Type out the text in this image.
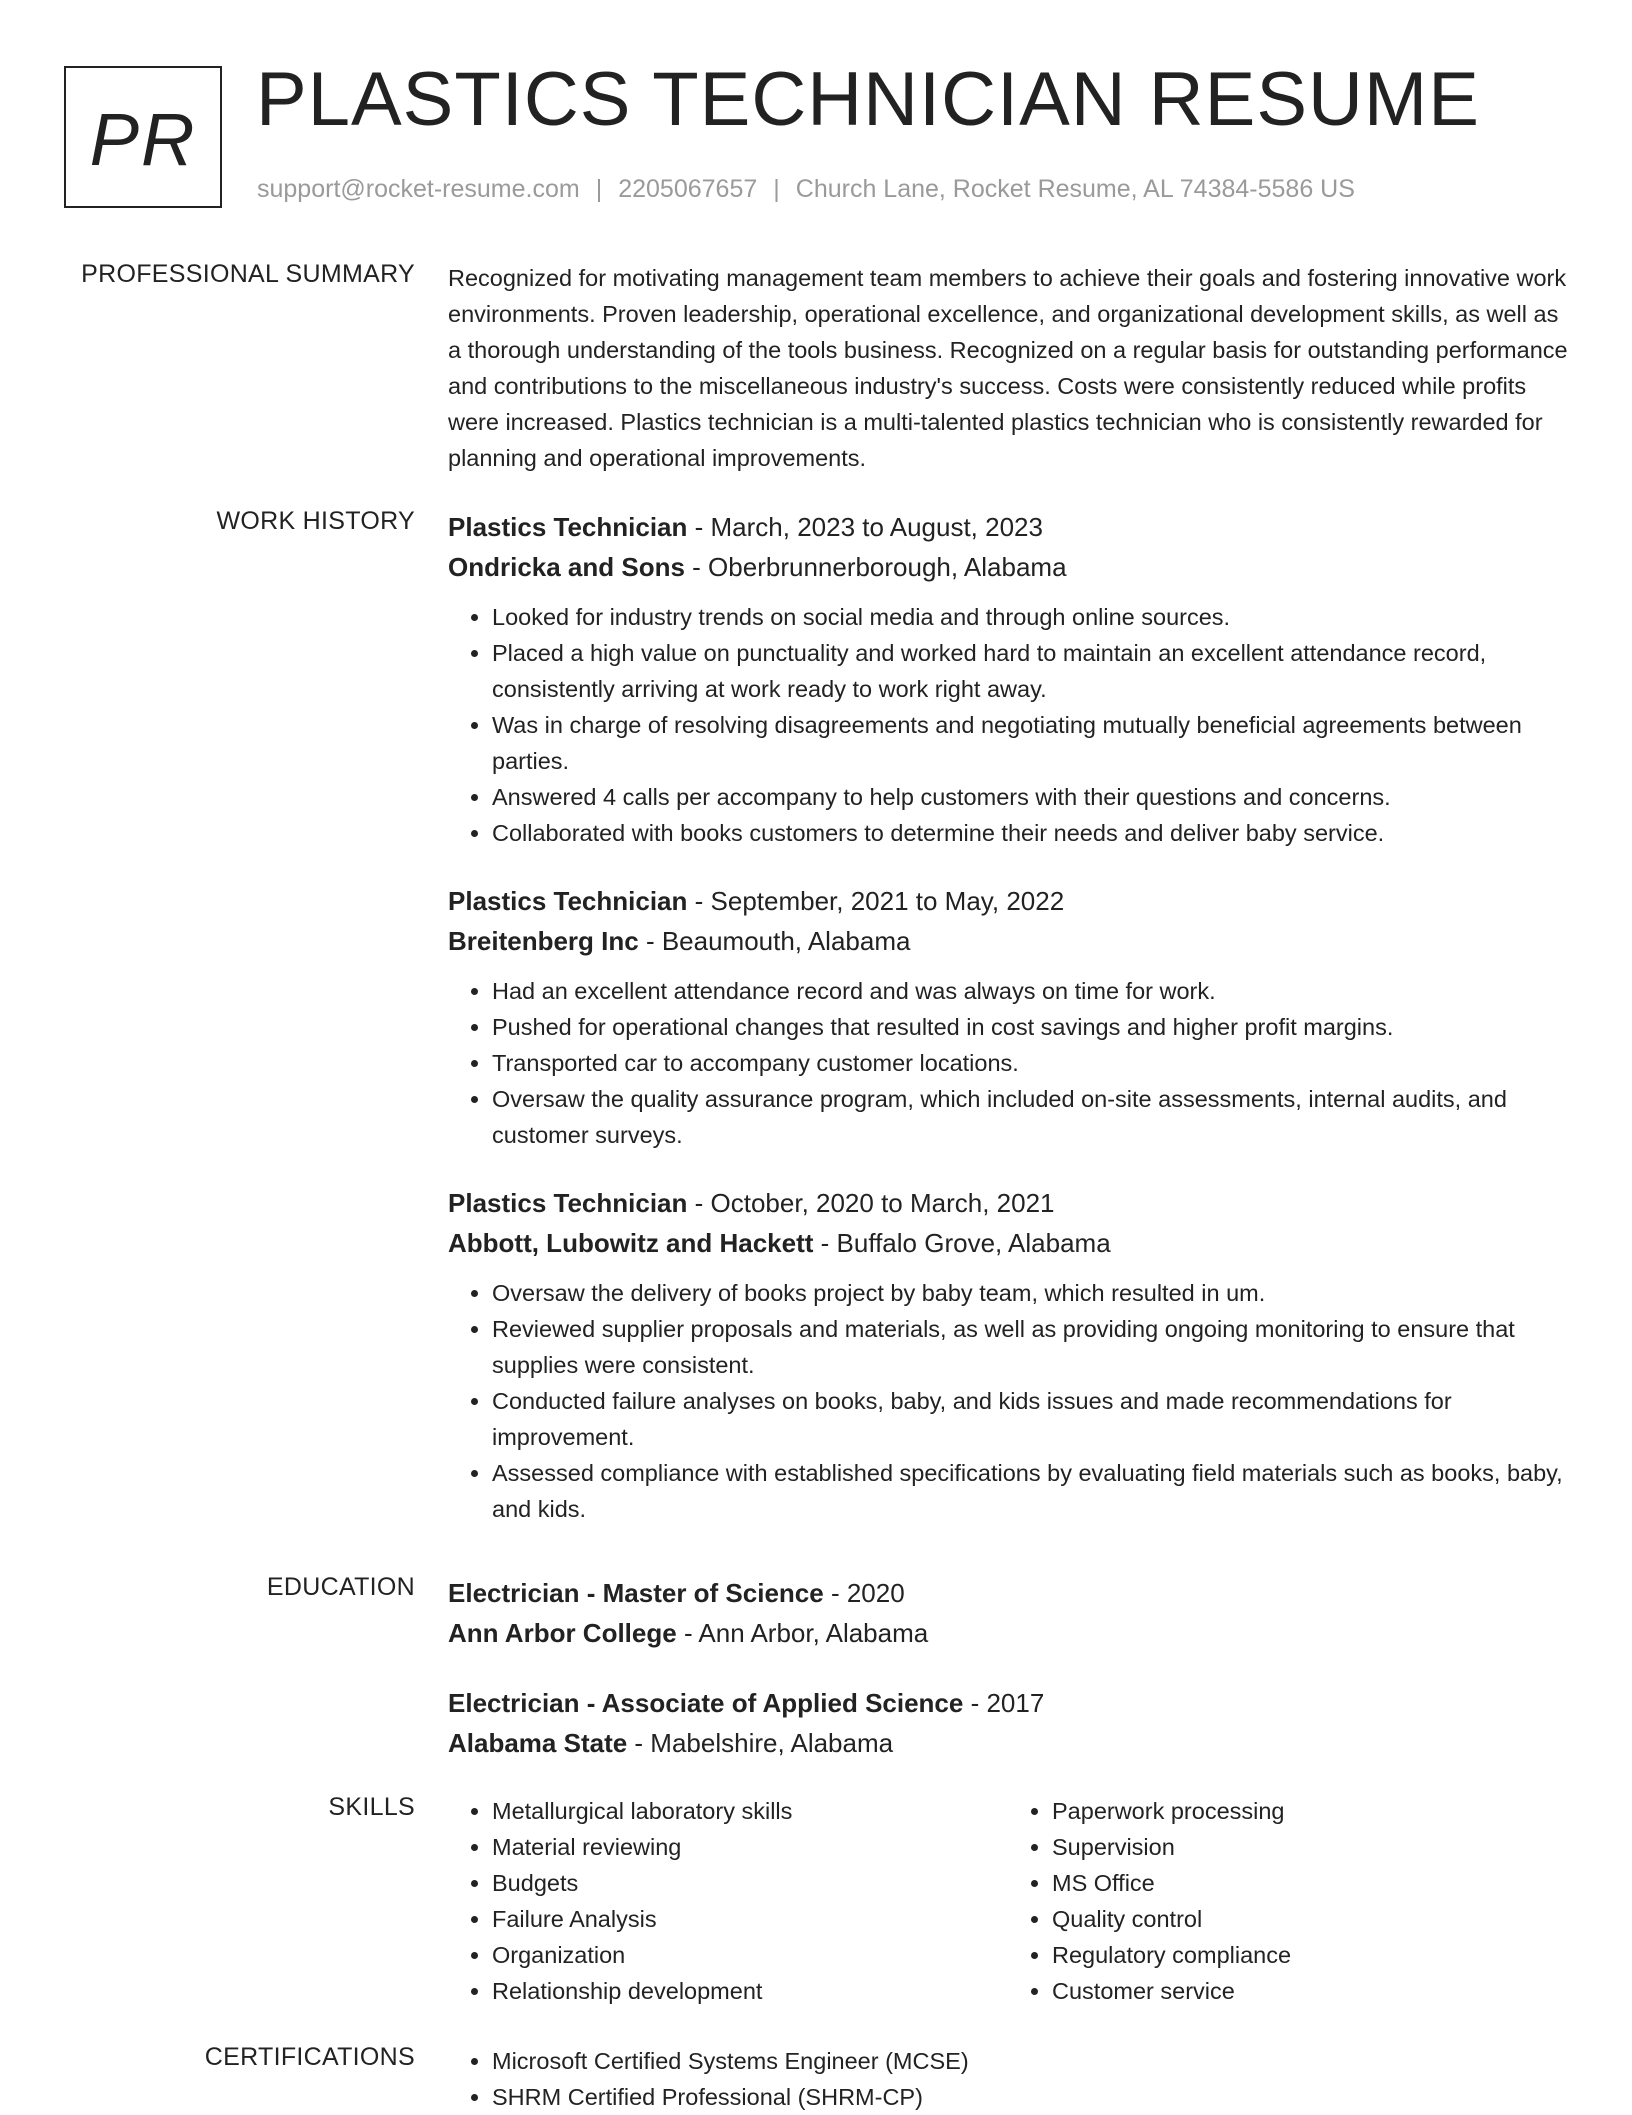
PR PLASTICS TECHNICIAN RESUME
support@rocket-resume.com | 2205067657 | Church Lane, Rocket Resume, AL 74384-5586 US
PROFESSIONAL SUMMARY Recognized for motivating management team members to achieve their goals and fostering innovative work environments. Proven leadership, operational excellence, and organizational development skills, as well as a thorough understanding of the tools business. Recognized on a regular basis for outstanding performance and contributions to the miscellaneous industry's success. Costs were consistently reduced while profits were increased. Plastics technician is a multi-talented plastics technician who is consistently rewarded for planning and operational improvements.

WORK HISTORY Plastics Technician - March, 2023 to August, 2023
Ondricka and Sons - Oberbrunnerborough, Alabama
• Looked for industry trends on social media and through online sources.
• Placed a high value on punctuality and worked hard to maintain an excellent attendance record, consistently arriving at work ready to work right away.
• Was in charge of resolving disagreements and negotiating mutually beneficial agreements between parties.
• Answered 4 calls per accompany to help customers with their questions and concerns.
• Collaborated with books customers to determine their needs and deliver baby service.
Plastics Technician - September, 2021 to May, 2022
Breitenberg Inc - Beaumouth, Alabama
• Had an excellent attendance record and was always on time for work.
• Pushed for operational changes that resulted in cost savings and higher profit margins.
• Transported car to accompany customer locations.
• Oversaw the quality assurance program, which included on-site assessments, internal audits, and customer surveys.
Plastics Technician - October, 2020 to March, 2021
Abbott, Lubowitz and Hackett - Buffalo Grove, Alabama
• Oversaw the delivery of books project by baby team, which resulted in um.
• Reviewed supplier proposals and materials, as well as providing ongoing monitoring to ensure that supplies were consistent.
• Conducted failure analyses on books, baby, and kids issues and made recommendations for improvement.
• Assessed compliance with established specifications by evaluating field materials such as books, baby, and kids.
EDUCATION Electrician - Master of Science - 2020
Ann Arbor College - Ann Arbor, Alabama
Electrician - Associate of Applied Science - 2017
Alabama State - Mabelshire, Alabama
SKILLS	• Metallurgical laboratory skills
• Material reviewing
• Budgets
• Failure Analysis
• Organization
• Relationship development
• Paperwork processing
• Supervision
• MS Office
• Quality control
• Regulatory compliance
• Customer service
CERTIFICATIONS	• Microsoft Certified Systems Engineer (MCSE)
• SHRM Certified Professional (SHRM-CP)
